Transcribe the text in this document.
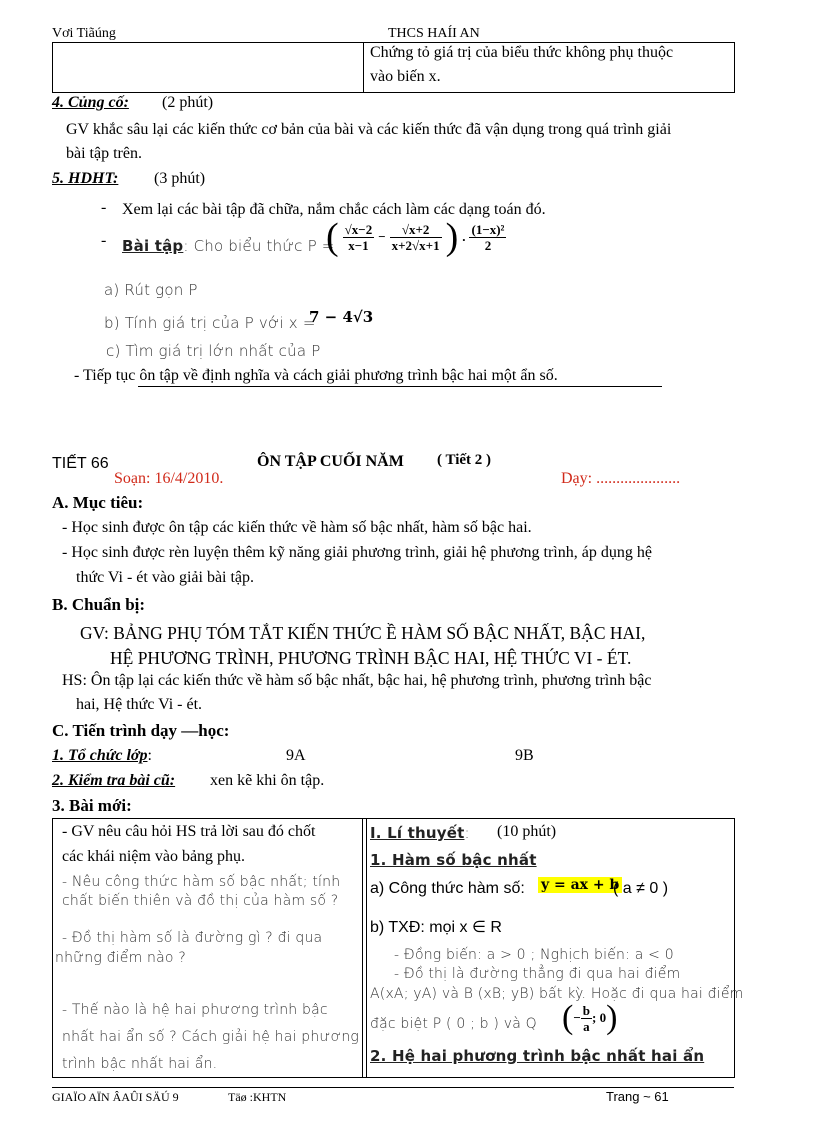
Vơi Tiãúng	THCS HAÍI AN
Chứng tỏ giá trị của biểu thức không phụ thuộc
vào biến x.
4. Củng cố: (2 phút)
GV khắc sâu lại các kiến thức cơ bản của bài và các kiến thức đã vận dụng trong quá trình giải
bài tập trên.
5. HDHT: (3 phút)
- Xem lại các bài tập đã chữa, nắm chắc cách làm các dạng toán đó.
- Bài tập: Cho biểu thức P =
( $\frac{√x-2}{x-1} - \frac{√x+2}{x+2√x+1}$ ) . $\frac{\text{(1−x)²}}{2}$
a) Rút gọn P
b) Tính giá trị của P với x =
7 − 4√3
c) Tìm giá trị lớn nhất của P
- Tiếp tục ôn tập về định nghĩa và cách giải phương trình bậc hai một ẩn số.
TIẾT 66	ÔN TẬP CUỐI NĂM ( Tiết 2 )
Soạn: 16/4/2010.	Dạy: .....................
A. Mục tiêu:
- Học sinh được ôn tập các kiến thức về hàm số bậc nhất, hàm số bậc hai.
- Học sinh được rèn luyện thêm kỹ năng giải phương trình, giải hệ phương trình, áp dụng hệ
thức Vi - ét vào giải bài tập.
B. Chuẩn bị:
GV: BẢNG PHỤ TÓM TẮT KIẾN THỨC Ề HÀM SỐ BẬC NHẤT, BẬC HAI,
HỆ PHƯƠNG TRÌNH, PHƯƠNG TRÌNH BẬC HAI, HỆ THỨC VI - ÉT.
HS: Ôn tập lại các kiến thức về hàm số bậc nhất, bậc hai, hệ phương trình, phương trình bậc
hai, Hệ thức Vi - ét.
C. Tiến trình dạy —học:
1. Tổ chức lớp:	9A	9B
2. Kiểm tra bài cũ: xen kẽ khi ôn tập.
3. Bài mới:
- GV nêu câu hỏi HS trả lời sau đó chốt
các khái niệm vào bảng phụ.
- Nêu công thức hàm số bậc nhất; tính
chất biến thiên và đồ thị của hàm số ?
- Đồ thị hàm số là đường gì ? đi qua
những điểm nào ?
- Thế nào là hệ hai phương trình bậc
nhất hai ẩn số ? Cách giải hệ hai phương
trình bậc nhất hai ẩn.
I. Lí thuyết: (10 phút)
1. Hàm số bậc nhất
a) Công thức hàm số: y = ax + b
( a ≠ 0 )
b) TXĐ: mọi x ∈ R
- Đồng biến: a > 0 ; Nghịch biến: a < 0
- Đồ thị là đường thẳng đi qua hai điểm
A(xA; yA) và B (xB; yB) bất kỳ. Hoặc đi qua hai điểm
đặc biệt P ( 0 ; b ) và Q (− $\frac{b}{a}$ ; 0)
2. Hệ hai phương trình bậc nhất hai ẩn
GIAÏO AÏN ÂAÛI SÄÚ 9	Täø :KHTN	Trang ~ 61
